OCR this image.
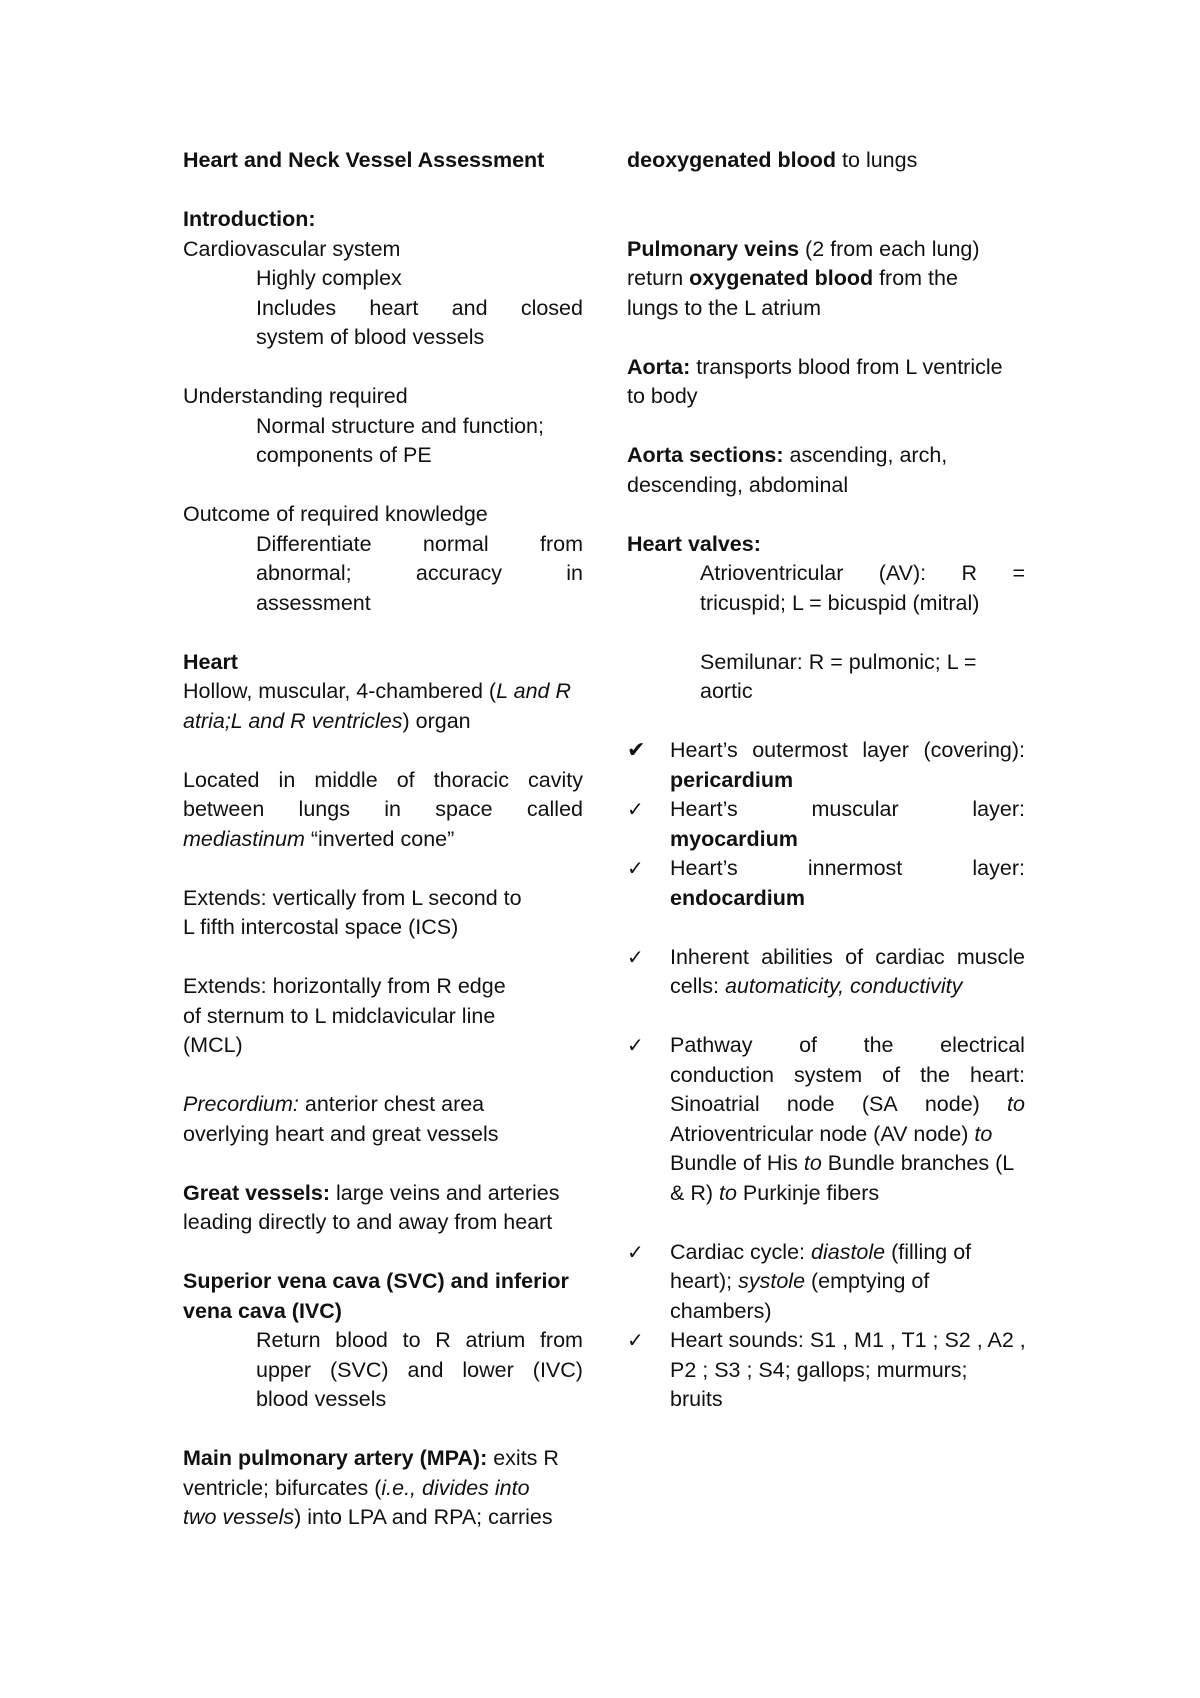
Heart and Neck Vessel Assessment
Introduction:
Cardiovascular system
Highly complex
Includes heart and closed
system of blood vessels
Understanding required
Normal structure and function;
components of PE
Outcome of required knowledge
Differentiate normal from
abnormal;	accuracy	in
assessment
Heart
Hollow, muscular, 4-chambered (L and R
atria;L and R ventricles) organ
Located in middle of thoracic cavity
between lungs in space called
mediastinum “inverted cone”
Extends: vertically from L second to
L fifth intercostal space (ICS)
Extends: horizontally from R edge
of sternum to L midclavicular line
(MCL)
Precordium: anterior chest area
overlying heart and great vessels
Great vessels: large veins and arteries
leading directly to and away from heart
Superior vena cava (SVC) and inferior
vena cava (IVC)
Return blood to R atrium from
upper (SVC) and lower (IVC)
blood vessels
Main pulmonary artery (MPA): exits R
ventricle; bifurcates (i.e., divides into
two vessels) into LPA and RPA; carries
deoxygenated blood to lungs
Pulmonary veins (2 from each lung)
return oxygenated blood from the
lungs to the L atrium
Aorta: transports blood from L ventricle
to body
Aorta sections: ascending, arch,
descending, abdominal
Heart valves:
Atrioventricular (AV): R =
tricuspid; L = bicuspid (mitral)
Semilunar: R = pulmonic; L =
aortic
✔	Heart’s outermost layer (covering):
pericardium
✓	Heart’s	muscular	layer:
myocardium
✓	Heart’s	innermost	layer:
endocardium
✓	Inherent abilities of cardiac muscle
cells: automaticity, conductivity
✓	Pathway of the electrical
conduction system of the heart:
Sinoatrial node (SA node) to
Atrioventricular node (AV node) to
Bundle of His to Bundle branches (L
& R) to Purkinje fibers
✓	Cardiac cycle: diastole (filling of
heart); systole (emptying of
chambers)
✓	Heart sounds: S1 , M1 , T1 ; S2 , A2 ,
P2 ; S3 ; S4; gallops; murmurs;
bruits
